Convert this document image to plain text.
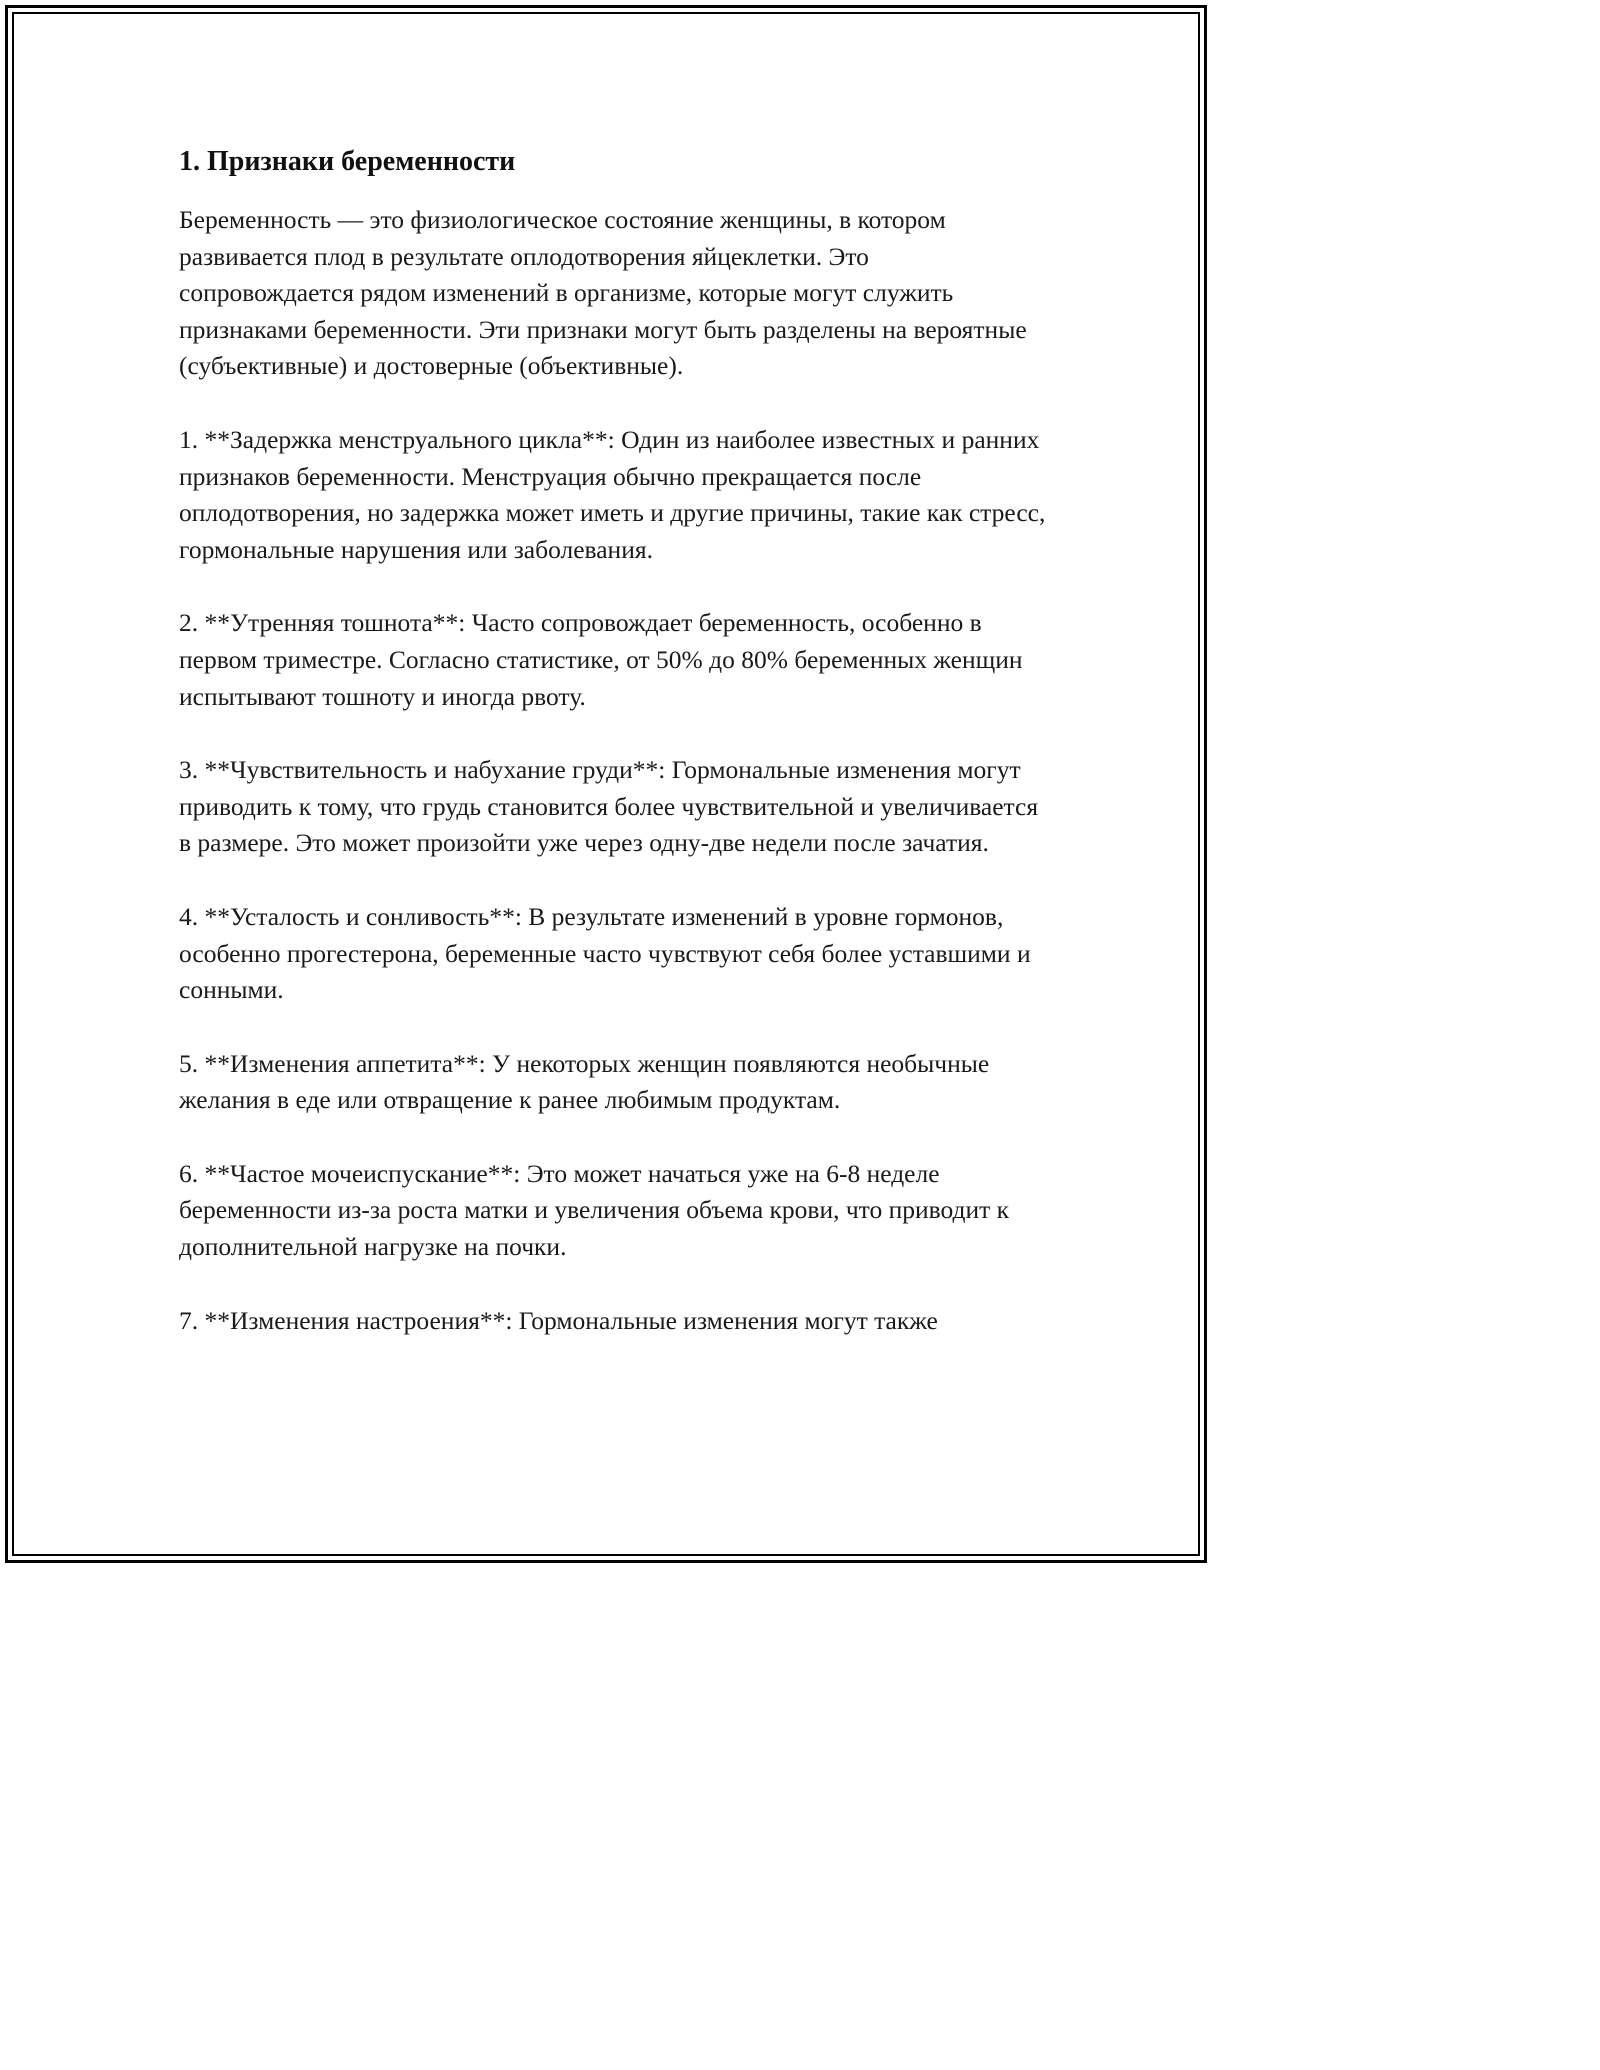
1. Признаки беременности

Беременность — это физиологическое состояние женщины, в котором развивается плод в результате оплодотворения яйцеклетки. Это сопровождается рядом изменений в организме, которые могут служить признаками беременности. Эти признаки могут быть разделены на вероятные (субъективные) и достоверные (объективные).

1. **Задержка менструального цикла**: Один из наиболее известных и ранних признаков беременности. Менструация обычно прекращается после оплодотворения, но задержка может иметь и другие причины, такие как стресс, гормональные нарушения или заболевания.

2. **Утренняя тошнота**: Часто сопровождает беременность, особенно в первом триместре. Согласно статистике, от 50% до 80% беременных женщин испытывают тошноту и иногда рвоту.

3. **Чувствительность и набухание груди**: Гормональные изменения могут приводить к тому, что грудь становится более чувствительной и увеличивается в размере. Это может произойти уже через одну-две недели после зачатия.

4. **Усталость и сонливость**: В результате изменений в уровне гормонов, особенно прогестерона, беременные часто чувствуют себя более уставшими и сонными.

5. **Изменения аппетита**: У некоторых женщин появляются необычные желания в еде или отвращение к ранее любимым продуктам.

6. **Частое мочеиспускание**: Это может начаться уже на 6-8 неделе беременности из-за роста матки и увеличения объема крови, что приводит к дополнительной нагрузке на почки.

7. **Изменения настроения**: Гормональные изменения могут также
